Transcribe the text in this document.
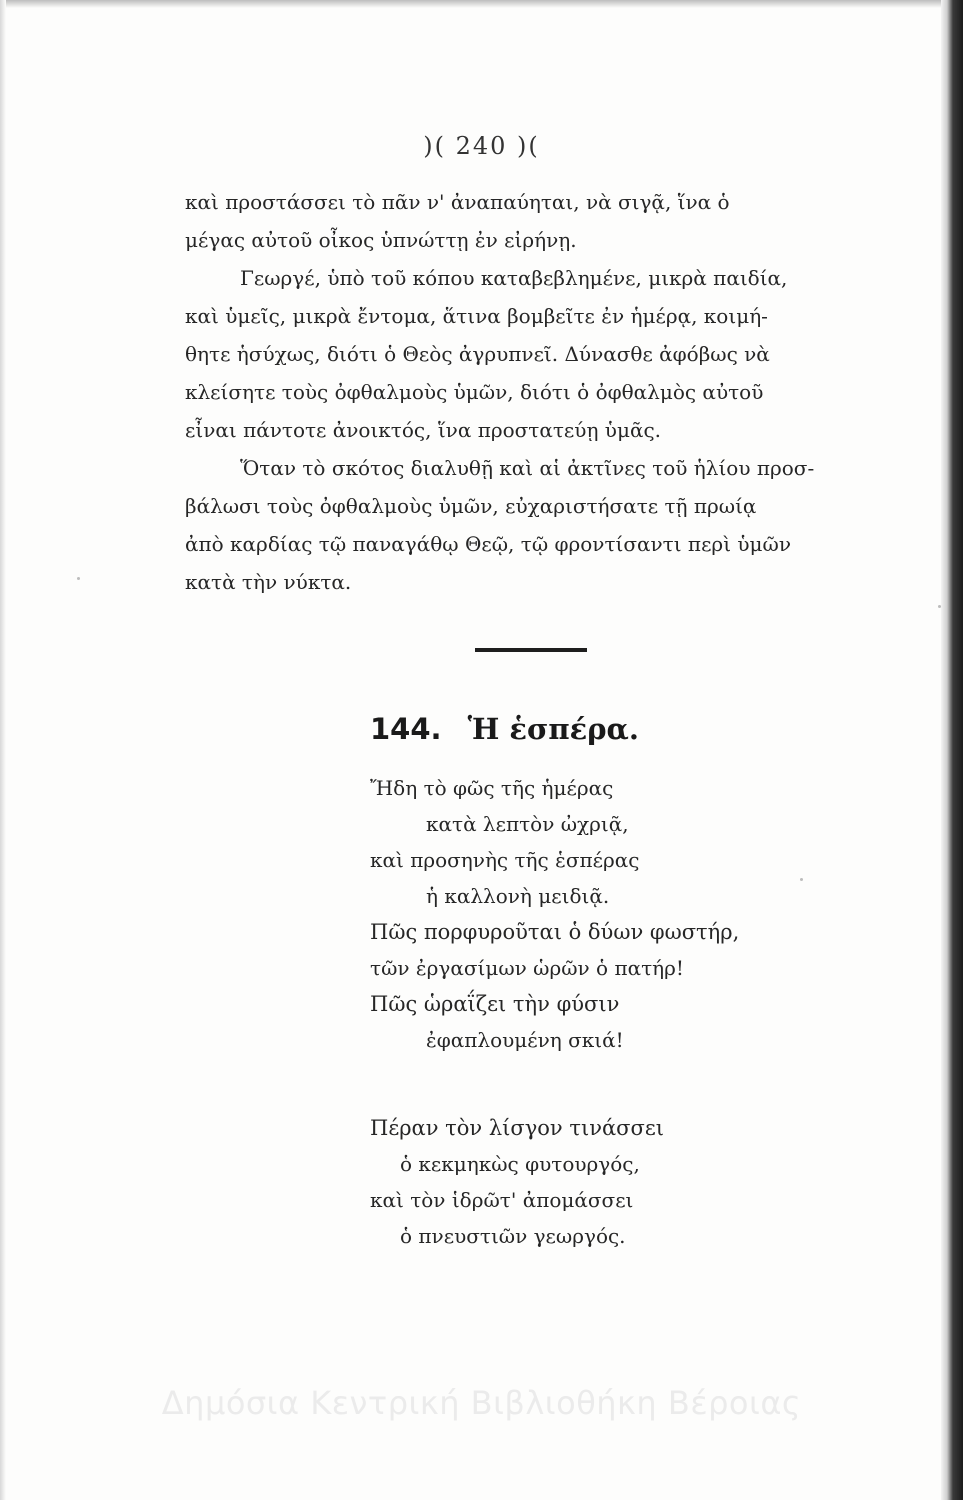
)( 240 )(
καὶ προστάσσει τὸ πᾶν ν' ἀναπαύηται, νὰ σιγᾷ, ἵνα ὁ
μέγας αὐτοῦ οἶκος ὑπνώττῃ ἐν εἰρήνῃ.
Γεωργέ, ὑπὸ τοῦ κόπου καταβεβλημένε, μικρὰ παιδία,
καὶ ὑμεῖς, μικρὰ ἔντομα, ἅτινα βομβεῖτε ἐν ἡμέρᾳ, κοιμή-
θητε ἡσύχως, διότι ὁ Θεὸς ἀγρυπνεῖ. Δύνασθε ἀφόβως νὰ
κλείσητε τοὺς ὀφθαλμοὺς ὑμῶν, διότι ὁ ὀφθαλμὸς αὐτοῦ
εἶναι πάντοτε ἀνοικτός, ἵνα προστατεύῃ ὑμᾶς.
Ὅταν τὸ σκότος διαλυθῇ καὶ αἱ ἀκτῖνες τοῦ ἡλίου προσ-
βάλωσι τοὺς ὀφθαλμοὺς ὑμῶν, εὐχαριστήσατε τῇ πρωίᾳ
ἀπὸ καρδίας τῷ παναγάθῳ Θεῷ, τῷ φροντίσαντι περὶ ὑμῶν
κατὰ τὴν νύκτα.
144. Ἡ ἑσπέρα.
Ἤδη τὸ φῶς τῆς ἡμέρας
κατὰ λεπτὸν ὠχριᾷ,
καὶ προσηνὴς τῆς ἑσπέρας
ἡ καλλονὴ μειδιᾷ.
Πῶς πορφυροῦται ὁ δύων φωστήρ,
τῶν ἐργασίμων ὡρῶν ὁ πατήρ!
Πῶς ὡραΐζει τὴν φύσιν
ἐφαπλουμένη σκιά!
Πέραν τὸν λίσγον τινάσσει
ὁ κεκμηκὼς φυτουργός,
καὶ τὸν ἱδρῶτ' ἀπομάσσει
ὁ πνευστιῶν γεωργός.
Δημόσια Κεντρική Βιβλιοθήκη Βέροιας
